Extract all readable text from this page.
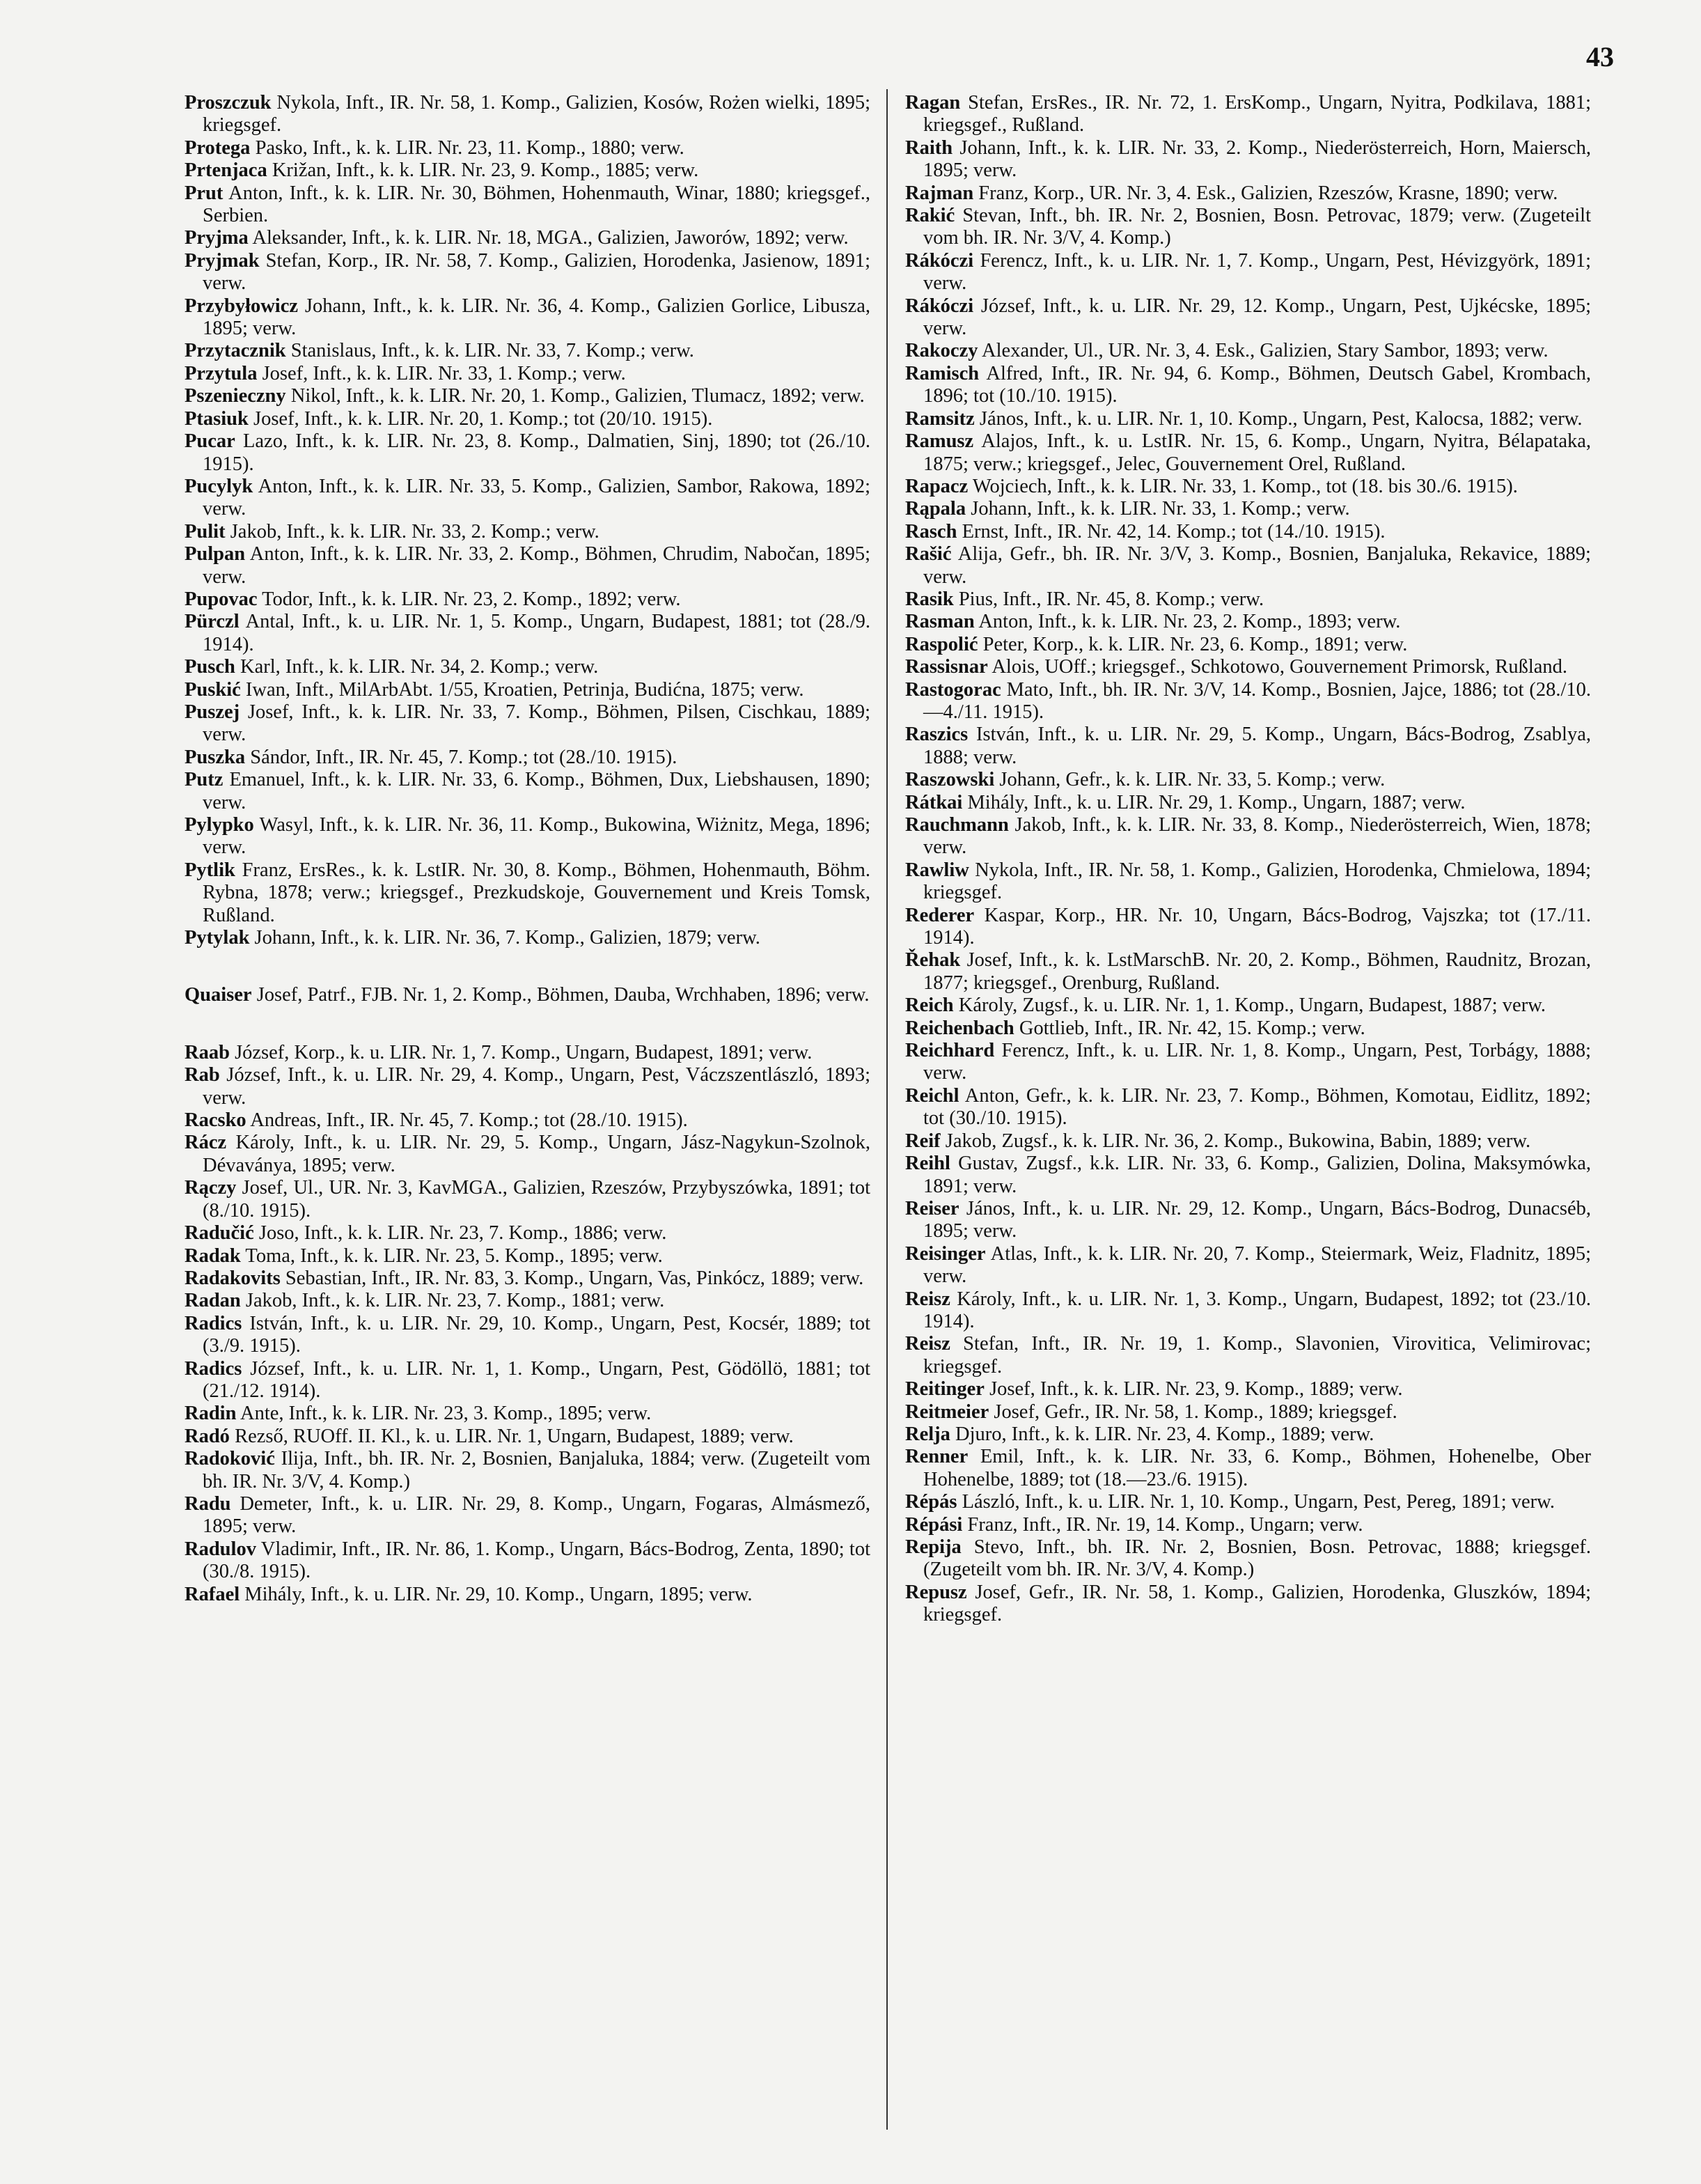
43

Proszczuk Nykola, Inft., IR. Nr. 58, 1. Komp., Galizien, Kosów, Rożen wielki, 1895; kriegsgef.

Protega Pasko, Inft., k. k. LIR. Nr. 23, 11. Komp., 1880; verw.

Prtenjaca Križan, Inft., k. k. LIR. Nr. 23, 9. Komp., 1885; verw.

Prut Anton, Inft., k. k. LIR. Nr. 30, Böhmen, Hohenmauth, Winar, 1880; kriegsgef., Serbien.

Pryjma Aleksander, Inft., k. k. LIR. Nr. 18, MGA., Galizien, Jaworów, 1892; verw.

Pryjmak Stefan, Korp., IR. Nr. 58, 7. Komp., Galizien, Horodenka, Jasienow, 1891; verw.

Przybyłowicz Johann, Inft., k. k. LIR. Nr. 36, 4. Komp., Galizien Gorlice, Libusza, 1895; verw.

Przytacznik Stanislaus, Inft., k. k. LIR. Nr. 33, 7. Komp.; verw.

Przytula Josef, Inft., k. k. LIR. Nr. 33, 1. Komp.; verw.

Pszenieczny Nikol, Inft., k. k. LIR. Nr. 20, 1. Komp., Galizien, Tlumacz, 1892; verw.

Ptasiuk Josef, Inft., k. k. LIR. Nr. 20, 1. Komp.; tot (20/10. 1915).

Pucar Lazo, Inft., k. k. LIR. Nr. 23, 8. Komp., Dalmatien, Sinj, 1890; tot (26./10. 1915).

Pucylyk Anton, Inft., k. k. LIR. Nr. 33, 5. Komp., Galizien, Sambor, Rakowa, 1892; verw.

Pulit Jakob, Inft., k. k. LIR. Nr. 33, 2. Komp.; verw.

Pulpan Anton, Inft., k. k. LIR. Nr. 33, 2. Komp., Böhmen, Chrudim, Nabočan, 1895; verw.

Pupovac Todor, Inft., k. k. LIR. Nr. 23, 2. Komp., 1892; verw.

Pürczl Antal, Inft., k. u. LIR. Nr. 1, 5. Komp., Ungarn, Budapest, 1881; tot (28./9. 1914).

Pusch Karl, Inft., k. k. LIR. Nr. 34, 2. Komp.; verw.

Puskić Iwan, Inft., MilArbAbt. 1/55, Kroatien, Petrinja, Budićna, 1875; verw.

Puszej Josef, Inft., k. k. LIR. Nr. 33, 7. Komp., Böhmen, Pilsen, Cischkau, 1889; verw.

Puszka Sándor, Inft., IR. Nr. 45, 7. Komp.; tot (28./10. 1915).

Putz Emanuel, Inft., k. k. LIR. Nr. 33, 6. Komp., Böhmen, Dux, Liebshausen, 1890; verw.

Pylypko Wasyl, Inft., k. k. LIR. Nr. 36, 11. Komp., Bukowina, Wiżnitz, Mega, 1896; verw.

Pytlik Franz, ErsRes., k. k. LstIR. Nr. 30, 8. Komp., Böhmen, Hohenmauth, Böhm. Rybna, 1878; verw.; kriegsgef., Prezkudskoje, Gouvernement und Kreis Tomsk, Rußland.

Pytylak Johann, Inft., k. k. LIR. Nr. 36, 7. Komp., Galizien, 1879; verw.

Quaiser Josef, Patrf., FJB. Nr. 1, 2. Komp., Böhmen, Dauba, Wrchhaben, 1896; verw.

Raab József, Korp., k. u. LIR. Nr. 1, 7. Komp., Ungarn, Budapest, 1891; verw.

Rab József, Inft., k. u. LIR. Nr. 29, 4. Komp., Ungarn, Pest, Váczszentlászló, 1893; verw.

Racsko Andreas, Inft., IR. Nr. 45, 7. Komp.; tot (28./10. 1915).

Rácz Károly, Inft., k. u. LIR. Nr. 29, 5. Komp., Ungarn, Jász-Nagykun-Szolnok, Dévaványa, 1895; verw.

Rączy Josef, Ul., UR. Nr. 3, KavMGA., Galizien, Rzeszów, Przybyszówka, 1891; tot (8./10. 1915).

Radučić Joso, Inft., k. k. LIR. Nr. 23, 7. Komp., 1886; verw.

Radak Toma, Inft., k. k. LIR. Nr. 23, 5. Komp., 1895; verw.

Radakovits Sebastian, Inft., IR. Nr. 83, 3. Komp., Ungarn, Vas, Pinkócz, 1889; verw.

Radan Jakob, Inft., k. k. LIR. Nr. 23, 7. Komp., 1881; verw.

Radics István, Inft., k. u. LIR. Nr. 29, 10. Komp., Ungarn, Pest, Kocsér, 1889; tot (3./9. 1915).

Radics József, Inft., k. u. LIR. Nr. 1, 1. Komp., Ungarn, Pest, Gödöllö, 1881; tot (21./12. 1914).

Radin Ante, Inft., k. k. LIR. Nr. 23, 3. Komp., 1895; verw.

Radó Rezső, RUOff. II. Kl., k. u. LIR. Nr. 1, Ungarn, Budapest, 1889; verw.

Radoković Ilija, Inft., bh. IR. Nr. 2, Bosnien, Banjaluka, 1884; verw. (Zugeteilt vom bh. IR. Nr. 3/V, 4. Komp.)

Radu Demeter, Inft., k. u. LIR. Nr. 29, 8. Komp., Ungarn, Fogaras, Almásmező, 1895; verw.

Radulov Vladimir, Inft., IR. Nr. 86, 1. Komp., Ungarn, Bács-Bodrog, Zenta, 1890; tot (30./8. 1915).

Rafael Mihály, Inft., k. u. LIR. Nr. 29, 10. Komp., Ungarn, 1895; verw.

Ragan Stefan, ErsRes., IR. Nr. 72, 1. ErsKomp., Ungarn, Nyitra, Podkilava, 1881; kriegsgef., Rußland.

Raith Johann, Inft., k. k. LIR. Nr. 33, 2. Komp., Niederösterreich, Horn, Maiersch, 1895; verw.

Rajman Franz, Korp., UR. Nr. 3, 4. Esk., Galizien, Rzeszów, Krasne, 1890; verw.

Rakić Stevan, Inft., bh. IR. Nr. 2, Bosnien, Bosn. Petrovac, 1879; verw. (Zugeteilt vom bh. IR. Nr. 3/V, 4. Komp.)

Rákóczi Ferencz, Inft., k. u. LIR. Nr. 1, 7. Komp., Ungarn, Pest, Hévizgyörk, 1891; verw.

Rákóczi József, Inft., k. u. LIR. Nr. 29, 12. Komp., Ungarn, Pest, Ujkécske, 1895; verw.

Rakoczy Alexander, Ul., UR. Nr. 3, 4. Esk., Galizien, Stary Sambor, 1893; verw.

Ramisch Alfred, Inft., IR. Nr. 94, 6. Komp., Böhmen, Deutsch Gabel, Krombach, 1896; tot (10./10. 1915).

Ramsitz János, Inft., k. u. LIR. Nr. 1, 10. Komp., Ungarn, Pest, Kalocsa, 1882; verw.

Ramusz Alajos, Inft., k. u. LstIR. Nr. 15, 6. Komp., Ungarn, Nyitra, Bélapataka, 1875; verw.; kriegsgef., Jelec, Gouvernement Orel, Rußland.

Rapacz Wojciech, Inft., k. k. LIR. Nr. 33, 1. Komp., tot (18. bis 30./6. 1915).

Rąpala Johann, Inft., k. k. LIR. Nr. 33, 1. Komp.; verw.

Rasch Ernst, Inft., IR. Nr. 42, 14. Komp.; tot (14./10. 1915).

Rašić Alija, Gefr., bh. IR. Nr. 3/V, 3. Komp., Bosnien, Banjaluka, Rekavice, 1889; verw.

Rasik Pius, Inft., IR. Nr. 45, 8. Komp.; verw.

Rasman Anton, Inft., k. k. LIR. Nr. 23, 2. Komp., 1893; verw.

Raspolić Peter, Korp., k. k. LIR. Nr. 23, 6. Komp., 1891; verw.

Rassisnar Alois, UOff.; kriegsgef., Schkotowo, Gouvernement Primorsk, Rußland.

Rastogorac Mato, Inft., bh. IR. Nr. 3/V, 14. Komp., Bosnien, Jajce, 1886; tot (28./10.—4./11. 1915).

Raszics István, Inft., k. u. LIR. Nr. 29, 5. Komp., Ungarn, Bács-Bodrog, Zsablya, 1888; verw.

Raszowski Johann, Gefr., k. k. LIR. Nr. 33, 5. Komp.; verw.

Rátkai Mihály, Inft., k. u. LIR. Nr. 29, 1. Komp., Ungarn, 1887; verw.

Rauchmann Jakob, Inft., k. k. LIR. Nr. 33, 8. Komp., Niederösterreich, Wien, 1878; verw.

Rawliw Nykola, Inft., IR. Nr. 58, 1. Komp., Galizien, Horodenka, Chmielowa, 1894; kriegsgef.

Rederer Kaspar, Korp., HR. Nr. 10, Ungarn, Bács-Bodrog, Vajszka; tot (17./11. 1914).

Řehak Josef, Inft., k. k. LstMarschB. Nr. 20, 2. Komp., Böhmen, Raudnitz, Brozan, 1877; kriegsgef., Orenburg, Rußland.

Reich Károly, Zugsf., k. u. LIR. Nr. 1, 1. Komp., Ungarn, Budapest, 1887; verw.

Reichenbach Gottlieb, Inft., IR. Nr. 42, 15. Komp.; verw.

Reichhard Ferencz, Inft., k. u. LIR. Nr. 1, 8. Komp., Ungarn, Pest, Torbágy, 1888; verw.

Reichl Anton, Gefr., k. k. LIR. Nr. 23, 7. Komp., Böhmen, Komotau, Eidlitz, 1892; tot (30./10. 1915).

Reif Jakob, Zugsf., k. k. LIR. Nr. 36, 2. Komp., Bukowina, Babin, 1889; verw.

Reihl Gustav, Zugsf., k.k. LIR. Nr. 33, 6. Komp., Galizien, Dolina, Maksymówka, 1891; verw.

Reiser János, Inft., k. u. LIR. Nr. 29, 12. Komp., Ungarn, Bács-Bodrog, Dunacséb, 1895; verw.

Reisinger Atlas, Inft., k. k. LIR. Nr. 20, 7. Komp., Steiermark, Weiz, Fladnitz, 1895; verw.

Reisz Károly, Inft., k. u. LIR. Nr. 1, 3. Komp., Ungarn, Budapest, 1892; tot (23./10. 1914).

Reisz Stefan, Inft., IR. Nr. 19, 1. Komp., Slavonien, Virovitica, Velimirovac; kriegsgef.

Reitinger Josef, Inft., k. k. LIR. Nr. 23, 9. Komp., 1889; verw.

Reitmeier Josef, Gefr., IR. Nr. 58, 1. Komp., 1889; kriegsgef.

Relja Djuro, Inft., k. k. LIR. Nr. 23, 4. Komp., 1889; verw.

Renner Emil, Inft., k. k. LIR. Nr. 33, 6. Komp., Böhmen, Hohenelbe, Ober Hohenelbe, 1889; tot (18.—23./6. 1915).

Répás László, Inft., k. u. LIR. Nr. 1, 10. Komp., Ungarn, Pest, Pereg, 1891; verw.

Répási Franz, Inft., IR. Nr. 19, 14. Komp., Ungarn; verw.

Repija Stevo, Inft., bh. IR. Nr. 2, Bosnien, Bosn. Petrovac, 1888; kriegsgef. (Zugeteilt vom bh. IR. Nr. 3/V, 4. Komp.)

Repusz Josef, Gefr., IR. Nr. 58, 1. Komp., Galizien, Horodenka, Gluszków, 1894; kriegsgef.
